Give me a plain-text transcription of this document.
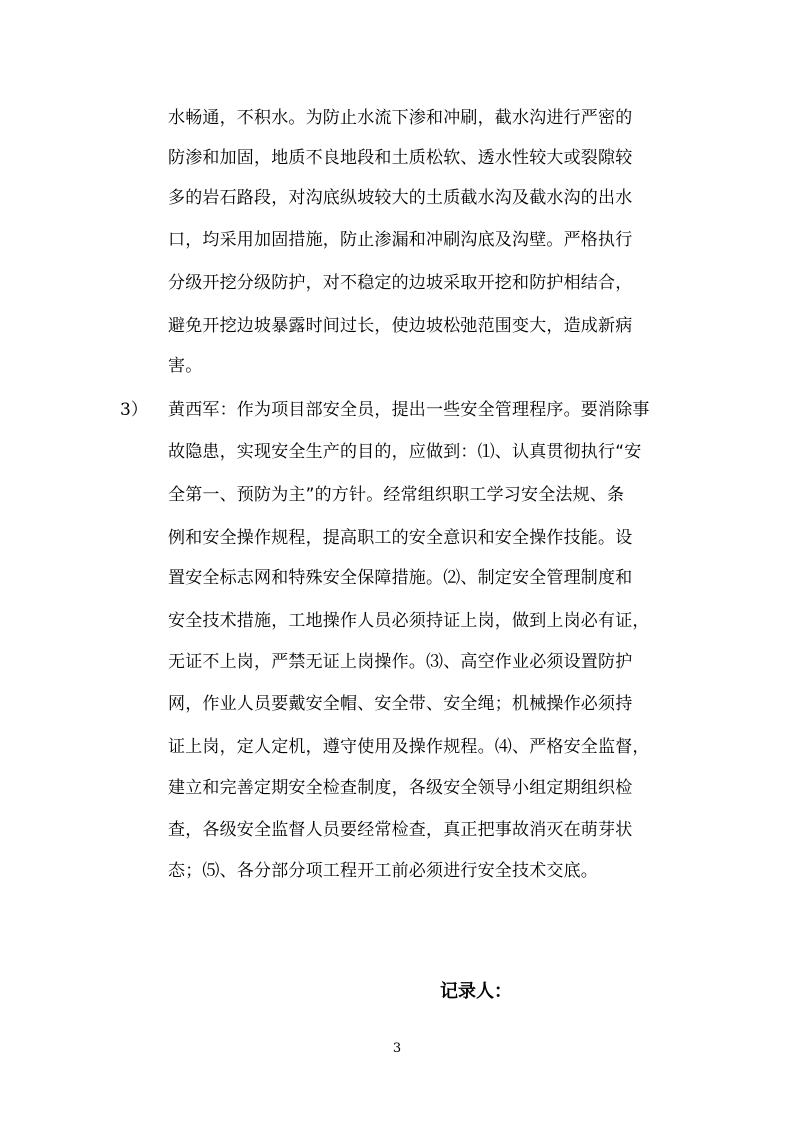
水畅通，不积水。为防止水流下渗和冲刷，截水沟进行严密的
防渗和加固，地质不良地段和土质松软、透水性较大或裂隙较
多的岩石路段，对沟底纵坡较大的土质截水沟及截水沟的出水
口，均采用加固措施，防止渗漏和冲刷沟底及沟壁。严格执行
分级开挖分级防护，对不稳定的边坡采取开挖和防护相结合，
避免开挖边坡暴露时间过长，使边坡松弛范围变大，造成新病
害。
3） 黄西军：作为项目部安全员，提出一些安全管理程序。要消除事
故隐患，实现安全生产的目的，应做到：⑴、认真贯彻执行“安
全第一、预防为主”的方针。经常组织职工学习安全法规、条
例和安全操作规程，提高职工的安全意识和安全操作技能。设
置安全标志网和特殊安全保障措施。⑵、制定安全管理制度和
安全技术措施，工地操作人员必须持证上岗，做到上岗必有证，
无证不上岗，严禁无证上岗操作。⑶、高空作业必须设置防护
网，作业人员要戴安全帽、安全带、安全绳；机械操作必须持
证上岗，定人定机，遵守使用及操作规程。⑷、严格安全监督，
建立和完善定期安全检查制度，各级安全领导小组定期组织检
查，各级安全监督人员要经常检查，真正把事故消灭在萌芽状
态；⑸、各分部分项工程开工前必须进行安全技术交底。
记录人：
3
